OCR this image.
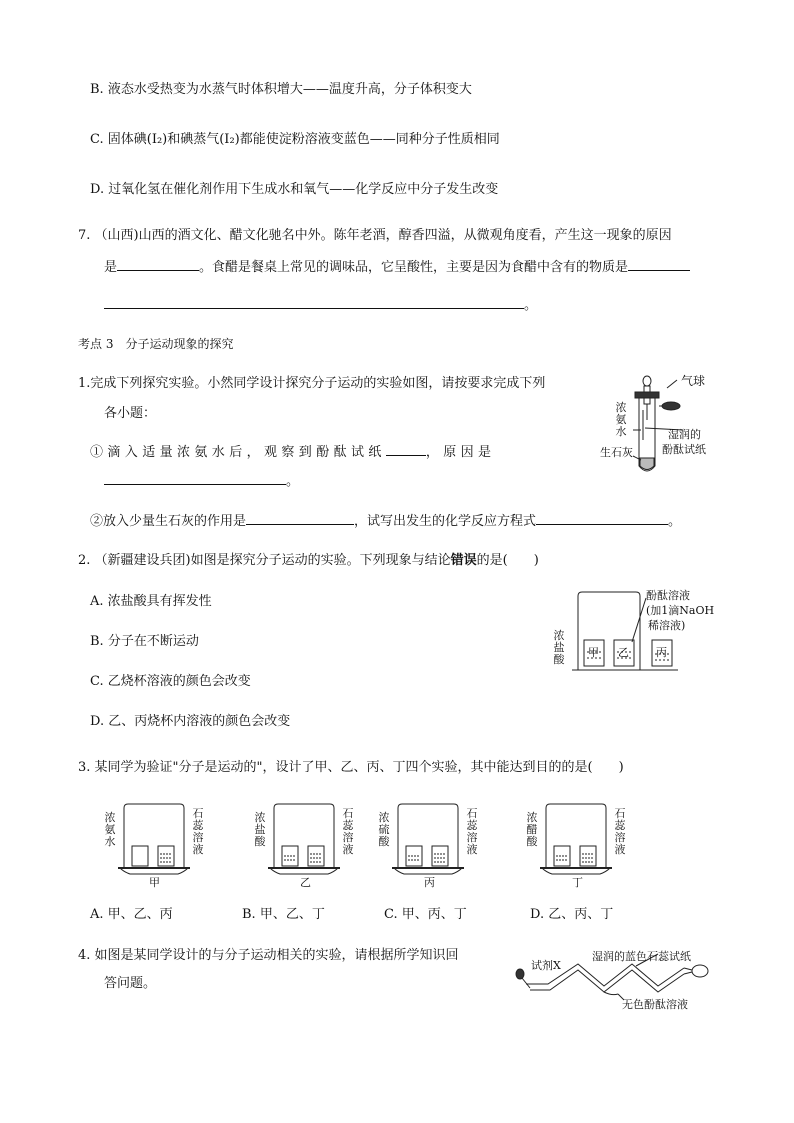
B. 液态水受热变为水蒸气时体积增大——温度升高，分子体积变大
C. 固体碘(I₂)和碘蒸气(I₂)都能使淀粉溶液变蓝色——同种分子性质相同
D. 过氧化氢在催化剂作用下生成水和氧气——化学反应中分子发生改变
7. （山西)山西的酒文化、醋文化驰名中外。陈年老酒，醇香四溢，从微观角度看，产生这一现象的原因
是	。食醋是餐桌上常见的调味品，它呈酸性，主要是因为食醋中含有的物质是
。
考点 3　分子运动现象的探究
1.完成下列探究实验。小然同学设计探究分子运动的实验如图，请按要求完成下列
各小题：
①滴入适量浓氨水后，观察到酚酞试纸	，原因是
。
②放入少量生石灰的作用是	，试写出发生的化学反应方程式	。
气球
浓氨水	湿润的
酚酞试纸
生石灰
2. （新疆建设兵团)如图是探究分子运动的实验。下列现象与结论错误的是(　　)
A. 浓盐酸具有挥发性
B. 分子在不断运动
C. 乙烧杯溶液的颜色会改变
D. 乙、丙烧杯内溶液的颜色会改变
酚酞溶液
(加1滴NaOH
稀溶液)
浓盐酸
甲 乙 丙
3. 某同学为验证"分子是运动的"，设计了甲、乙、丙、丁四个实验，其中能达到目的的是(　　)
浓氨水
石蕊溶液
甲
浓盐酸
石蕊溶液
乙
浓硫酸
石蕊溶液
丙
浓醋酸
石蕊溶液
丁
A. 甲、乙、丙	B. 甲、乙、丁	C. 甲、丙、丁	D. 乙、丙、丁
4. 如图是某同学设计的与分子运动相关的实验，请根据所学知识回
答问题。
试剂X
湿润的蓝色石蕊试纸
无色酚酞溶液
